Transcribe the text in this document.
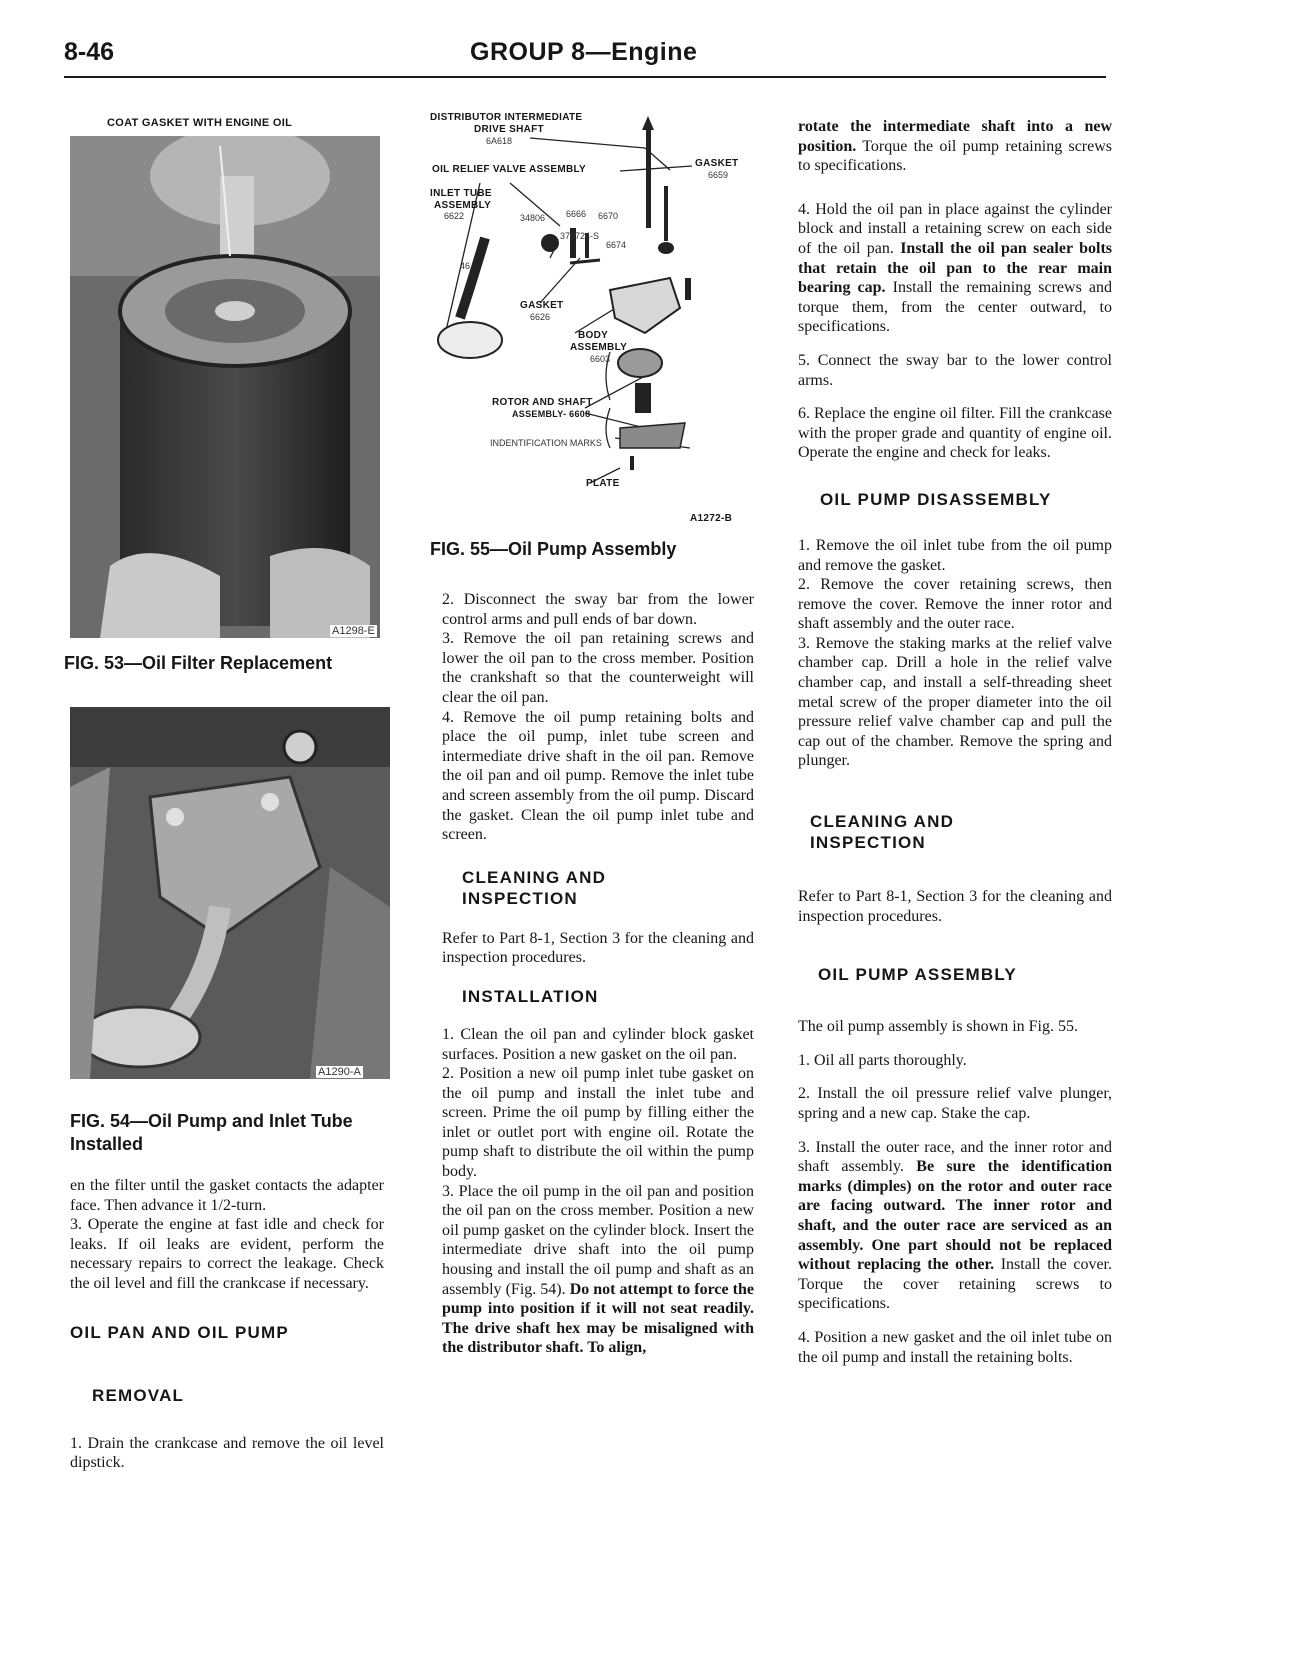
8-46	GROUP 8—Engine
COAT GASKET WITH ENGINE OIL
A1298-E
FIG. 53—Oil Filter Replacement
A1290-A
FIG. 54—Oil Pump and Inlet Tube
Installed
DISTRIBUTOR INTERMEDIATE
DRIVE SHAFT
6A618
OIL RELIEF VALVE ASSEMBLY
GASKET
6659
INLET TUBE
ASSEMBLY
6622	34806 6666 6670
370724-S
6674
46
GASKET
6626
BODY
ASSEMBLY
6603
ROTOR AND SHAFT
ASSEMBLY- 6608
INDENTIFICATION MARKS
PLATE
A1272-B
FIG. 55—Oil Pump Assembly

en the filter until the gasket contacts the adapter face. Then advance it 1/2-turn.

3. Operate the engine at fast idle and check for leaks. If oil leaks are evident, perform the necessary repairs to correct the leakage. Check the oil level and fill the crankcase if necessary.

OIL PAN AND OIL PUMP
REMOVAL

1. Drain the crankcase and remove the oil level dipstick.

2. Disconnect the sway bar from the lower control arms and pull ends of bar down.

3. Remove the oil pan retaining screws and lower the oil pan to the cross member. Position the crankshaft so that the counterweight will clear the oil pan.

4. Remove the oil pump retaining bolts and place the oil pump, inlet tube screen and intermediate drive shaft in the oil pan. Remove the oil pan and oil pump. Remove the inlet tube and screen assembly from the oil pump. Discard the gasket. Clean the oil pump inlet tube and screen.

CLEANING AND
INSPECTION

Refer to Part 8-1, Section 3 for the cleaning and inspection procedures.

INSTALLATION

1. Clean the oil pan and cylinder block gasket surfaces. Position a new gasket on the oil pan.

2. Position a new oil pump inlet tube gasket on the oil pump and install the inlet tube and screen. Prime the oil pump by filling either the inlet or outlet port with engine oil. Rotate the pump shaft to distribute the oil within the pump body.

3. Place the oil pump in the oil pan and position the oil pan on the cross member. Position a new oil pump gasket on the cylinder block. Insert the intermediate drive shaft into the oil pump housing and install the oil pump and shaft as an assembly (Fig. 54). Do not attempt to force the pump into position if it will not seat readily. The drive shaft hex may be misaligned with the distributor shaft. To align,

rotate the intermediate shaft into a new position. Torque the oil pump retaining screws to specifications.

4. Hold the oil pan in place against the cylinder block and install a retaining screw on each side of the oil pan. Install the oil pan sealer bolts that retain the oil pan to the rear main bearing cap. Install the remaining screws and torque them, from the center outward, to specifications.

5. Connect the sway bar to the lower control arms.

6. Replace the engine oil filter. Fill the crankcase with the proper grade and quantity of engine oil. Operate the engine and check for leaks.

OIL PUMP DISASSEMBLY

1. Remove the oil inlet tube from the oil pump and remove the gasket.

2. Remove the cover retaining screws, then remove the cover. Remove the inner rotor and shaft assembly and the outer race.

3. Remove the staking marks at the relief valve chamber cap. Drill a hole in the relief valve chamber cap, and install a self-threading sheet metal screw of the proper diameter into the oil pressure relief valve chamber cap and pull the cap out of the chamber. Remove the spring and plunger.

CLEANING AND
INSPECTION

Refer to Part 8-1, Section 3 for the cleaning and inspection procedures.

OIL PUMP ASSEMBLY

The oil pump assembly is shown in Fig. 55.

1. Oil all parts thoroughly.

2. Install the oil pressure relief valve plunger, spring and a new cap. Stake the cap.

3. Install the outer race, and the inner rotor and shaft assembly. Be sure the identification marks (dimples) on the rotor and outer race are facing outward. The inner rotor and shaft, and the outer race are serviced as an assembly. One part should not be replaced without replacing the other. Install the cover. Torque the cover retaining screws to specifications.

4. Position a new gasket and the oil inlet tube on the oil pump and install the retaining bolts.
